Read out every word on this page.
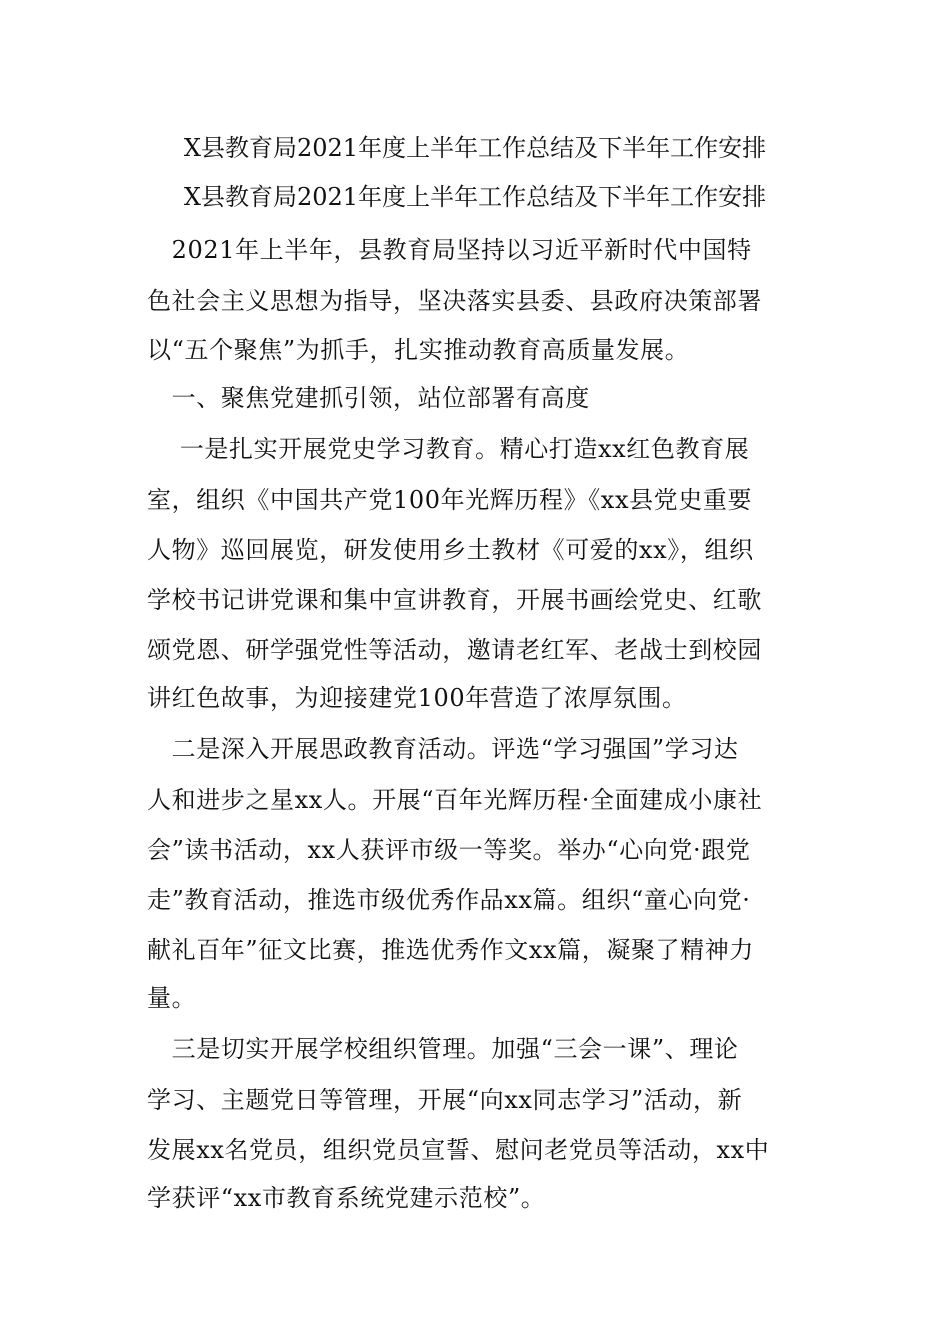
X县教育局2021年度上半年工作总结及下半年工作安排
X县教育局2021年度上半年工作总结及下半年工作安排
　2021年上半年，县教育局坚持以习近平新时代中国特
色社会主义思想为指导，坚决落实县委、县政府决策部署
以“五个聚焦”为抓手，扎实推动教育高质量发展。
　一、聚焦党建抓引领，站位部署有高度
　 一是扎实开展党史学习教育。精心打造xx红色教育展
室，组织《中国共产党100年光辉历程》《xx县党史重要
人物》巡回展览，研发使用乡土教材《可爱的xx》，组织
学校书记讲党课和集中宣讲教育，开展书画绘党史、红歌
颂党恩、研学强党性等活动，邀请老红军、老战士到校园
讲红色故事，为迎接建党100年营造了浓厚氛围。
　二是深入开展思政教育活动。评选“学习强国”学习达
人和进步之星xx人。开展“百年光辉历程·全面建成小康社
会”读书活动，xx人获评市级一等奖。举办“心向党·跟党
走”教育活动，推选市级优秀作品xx篇。组织“童心向党·
献礼百年”征文比赛，推选优秀作文xx篇，凝聚了精神力
量。
　三是切实开展学校组织管理。加强“三会一课”、理论
学习、主题党日等管理，开展“向xx同志学习”活动，新
发展xx名党员，组织党员宣誓、慰问老党员等活动，xx中
学获评“xx市教育系统党建示范校”。
